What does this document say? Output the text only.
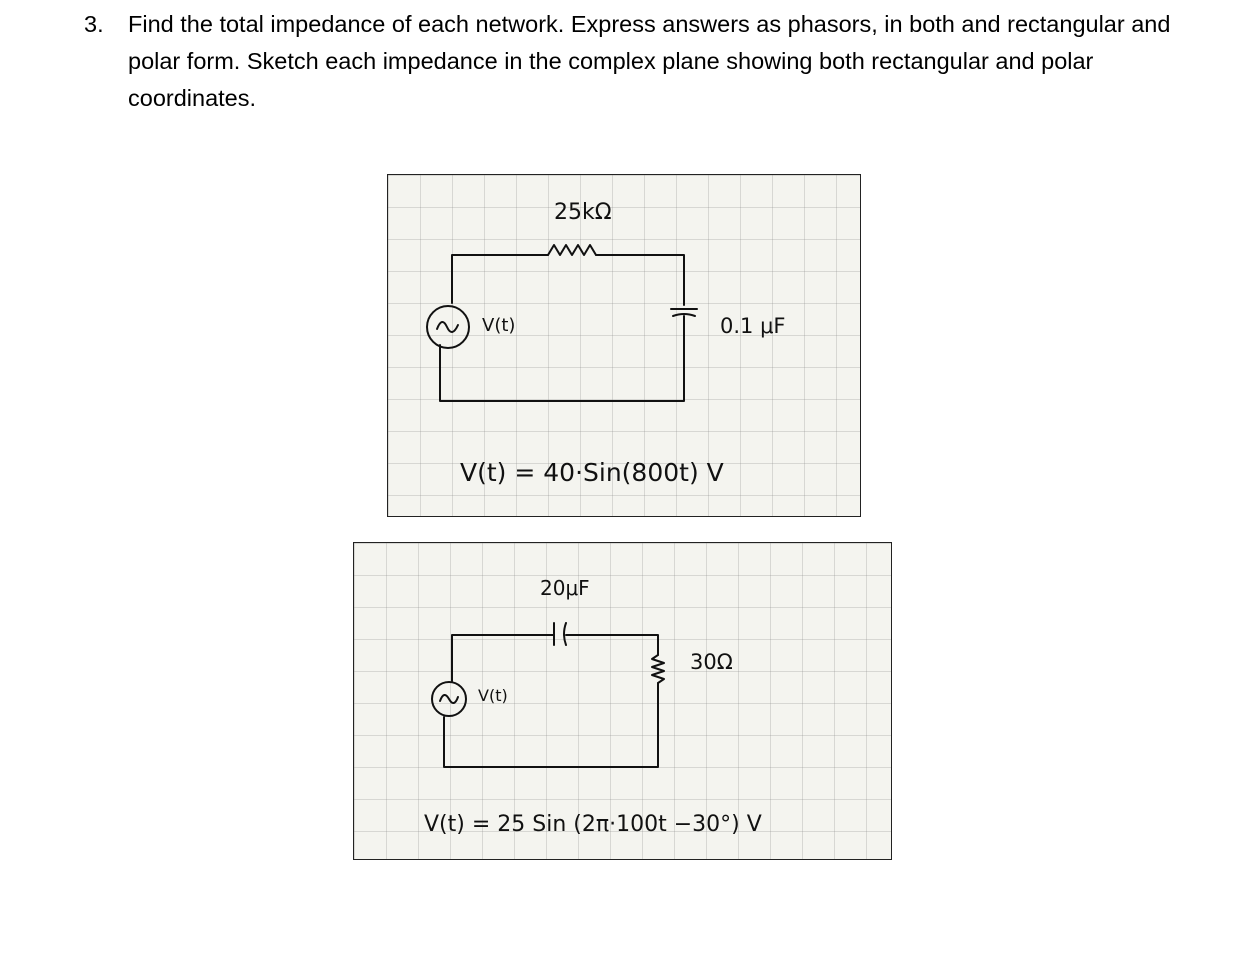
3. Find the total impedance of each network. Express answers as phasors, in both and rectangular and polar form. Sketch each impedance in the complex plane showing both rectangular and polar coordinates.
25kΩ
V(t)	0.1 μF
V(t) = 40·Sin(800t) V
20μF
30Ω
V(t)
V(t) = 25 Sin (2π·100t −30°) V
